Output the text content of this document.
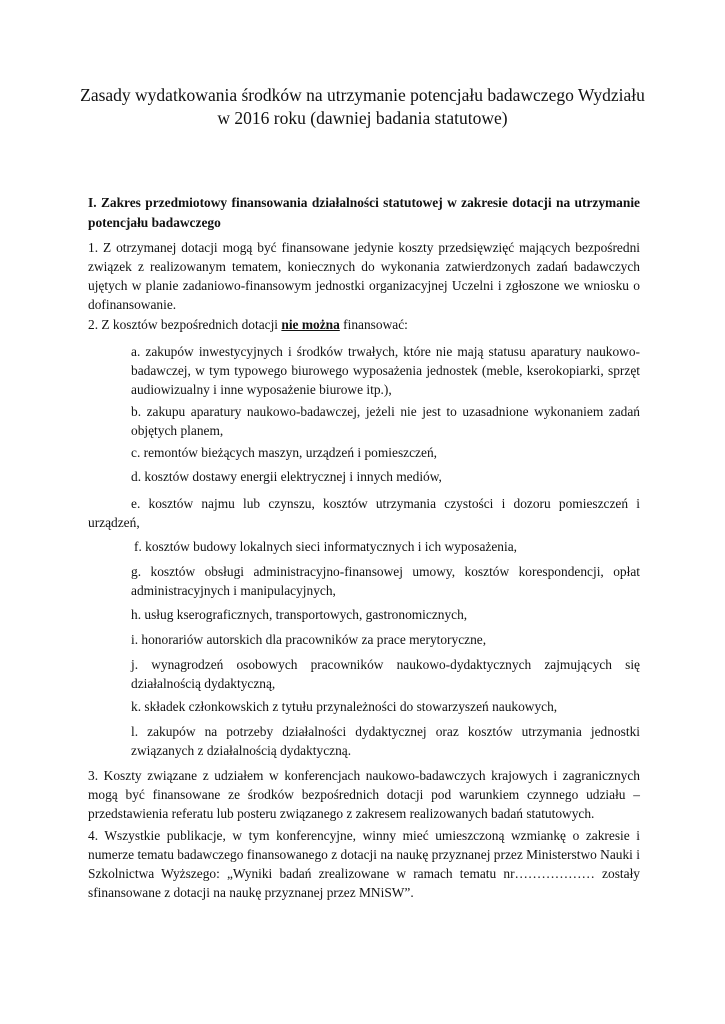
Zasady wydatkowania środków na utrzymanie potencjału badawczego Wydziału
w 2016 roku (dawniej badania statutowe)
I. Zakres przedmiotowy finansowania działalności statutowej w zakresie dotacji na utrzymanie potencjału badawczego

1. Z otrzymanej dotacji mogą być finansowane jedynie koszty przedsięwzięć mających bezpośredni związek z realizowanym tematem, koniecznych do wykonania zatwierdzonych zadań badawczych ujętych w planie zadaniowo-finansowym jednostki organizacyjnej Uczelni i zgłoszone we wniosku o dofinansowanie.

2. Z kosztów bezpośrednich dotacji nie można finansować:

a. zakupów inwestycyjnych i środków trwałych, które nie mają statusu aparatury naukowo-badawczej, w tym typowego biurowego wyposażenia jednostek (meble, kserokopiarki, sprzęt audiowizualny i inne wyposażenie biurowe itp.),

b. zakupu aparatury naukowo-badawczej, jeżeli nie jest to uzasadnione wykonaniem zadań objętych planem,

c. remontów bieżących maszyn, urządzeń i pomieszczeń,

d. kosztów dostawy energii elektrycznej i innych mediów,

e. kosztów najmu lub czynszu, kosztów utrzymania czystości i dozoru pomieszczeń i urządzeń,

f. kosztów budowy lokalnych sieci informatycznych i ich wyposażenia,

g. kosztów obsługi administracyjno-finansowej umowy, kosztów korespondencji, opłat administracyjnych i manipulacyjnych,

h. usług kserograficznych, transportowych, gastronomicznych,

i. honorariów autorskich dla pracowników za prace merytoryczne,

j. wynagrodzeń osobowych pracowników naukowo-dydaktycznych zajmujących się działalnością dydaktyczną,

k. składek członkowskich z tytułu przynależności do stowarzyszeń naukowych,

l. zakupów na potrzeby działalności dydaktycznej oraz kosztów utrzymania jednostki związanych z działalnością dydaktyczną.

3. Koszty związane z udziałem w konferencjach naukowo-badawczych krajowych i zagranicznych mogą być finansowane ze środków bezpośrednich dotacji pod warunkiem czynnego udziału – przedstawienia referatu lub posteru związanego z zakresem realizowanych badań statutowych.

4. Wszystkie publikacje, w tym konferencyjne, winny mieć umieszczoną wzmiankę o zakresie i numerze tematu badawczego finansowanego z dotacji na naukę przyznanej przez Ministerstwo Nauki i Szkolnictwa Wyższego: „Wyniki badań zrealizowane w ramach tematu nr……………… zostały sfinansowane z dotacji na naukę przyznanej przez MNiSW”.
